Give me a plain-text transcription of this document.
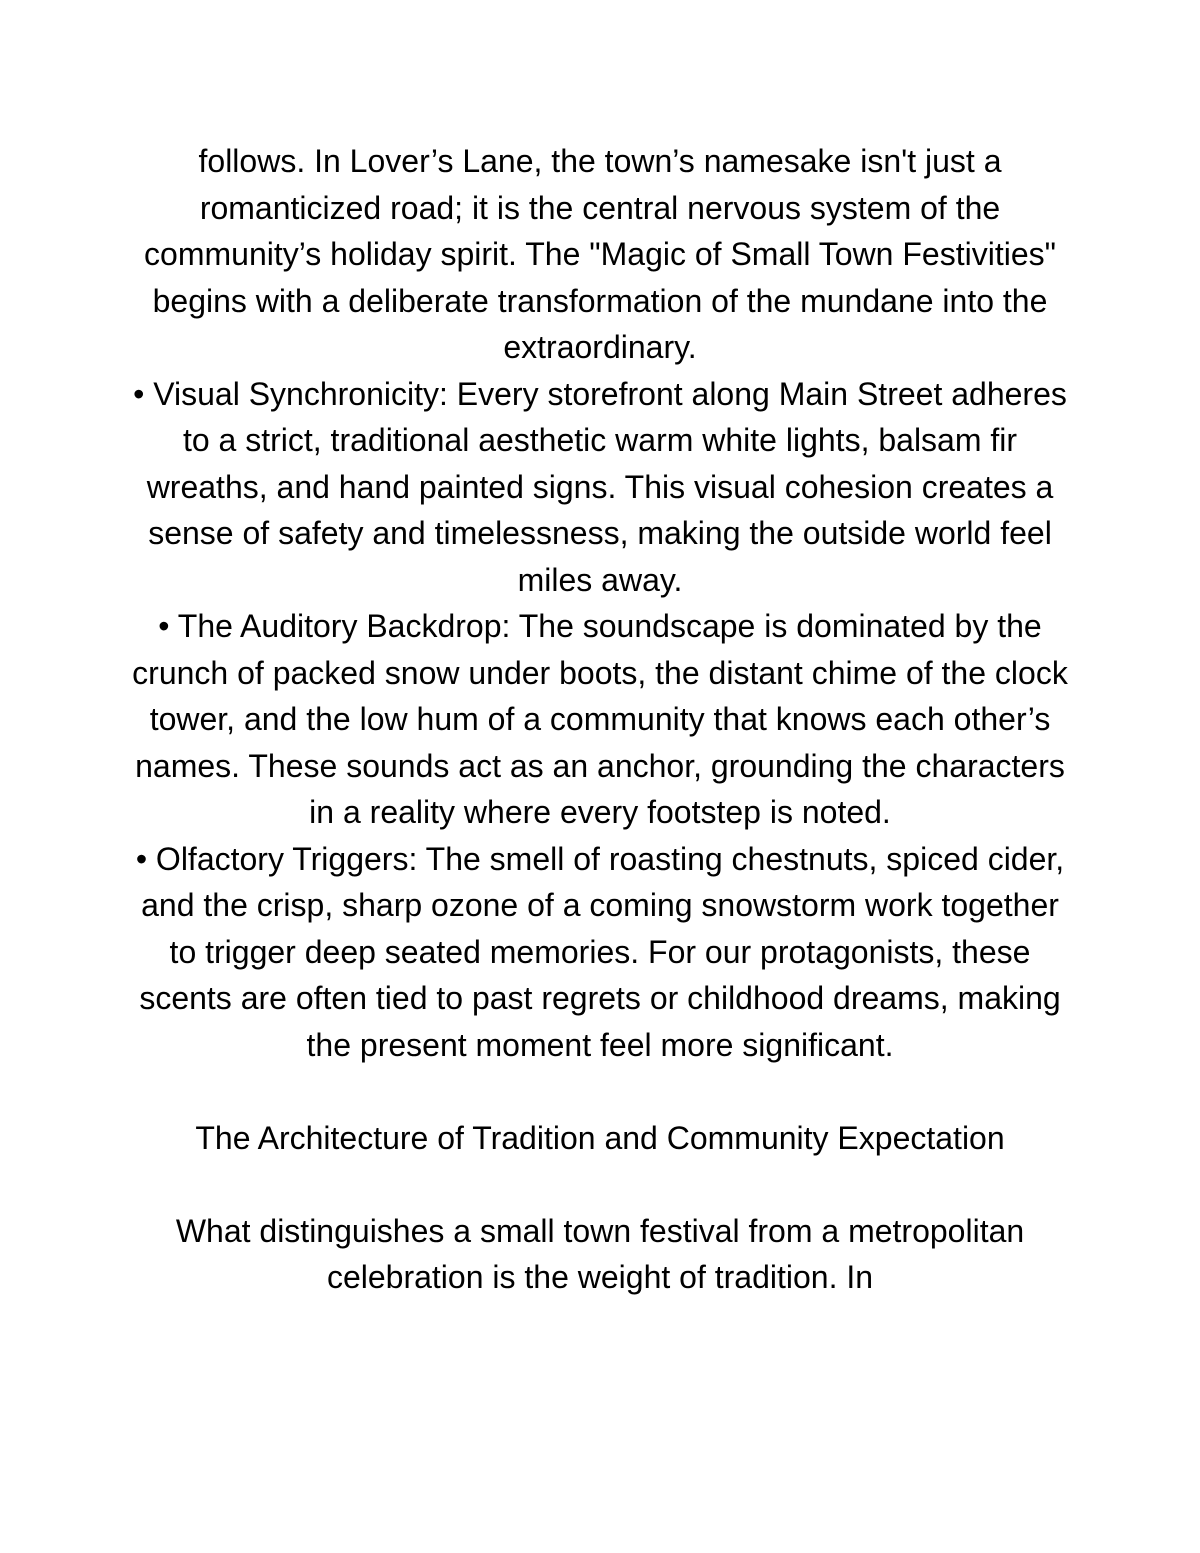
follows. In Lover’s Lane, the town’s namesake isn't just a romanticized road; it is the central nervous system of the community’s holiday spirit. The "Magic of Small Town Festivities" begins with a deliberate transformation of the mundane into the extraordinary.

• Visual Synchronicity: Every storefront along Main Street adheres to a strict, traditional aesthetic warm white lights, balsam fir wreaths, and hand painted signs. This visual cohesion creates a sense of safety and timelessness, making the outside world feel miles away.
• The Auditory Backdrop: The soundscape is dominated by the crunch of packed snow under boots, the distant chime of the clock tower, and the low hum of a community that knows each other’s names. These sounds act as an anchor, grounding the characters in a reality where every footstep is noted.
• Olfactory Triggers: The smell of roasting chestnuts, spiced cider, and the crisp, sharp ozone of a coming snowstorm work together to trigger deep seated memories. For our protagonists, these scents are often tied to past regrets or childhood dreams, making the present moment feel more significant.

The Architecture of Tradition and Community Expectation

What distinguishes a small town festival from a metropolitan celebration is the weight of tradition. In
